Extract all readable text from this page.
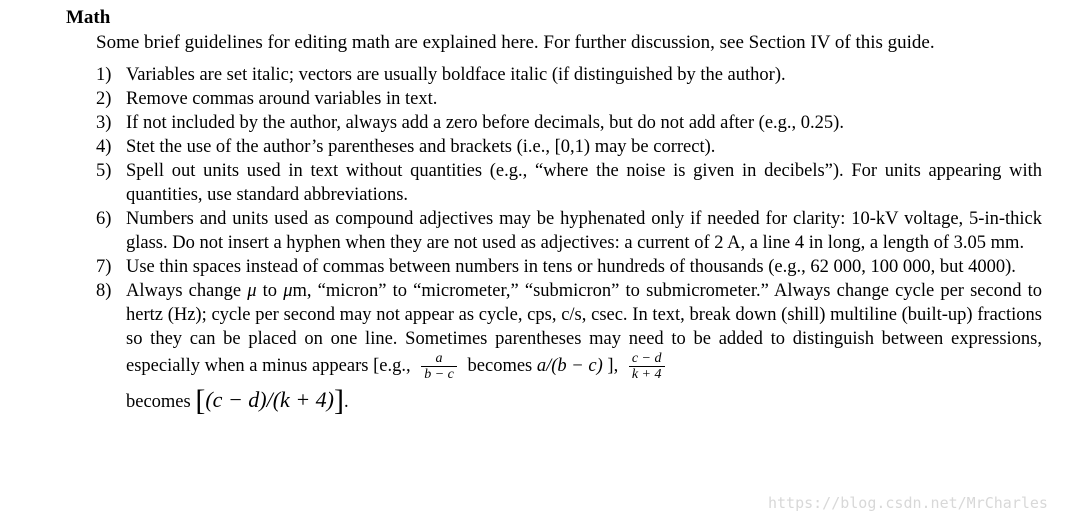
Math
Some brief guidelines for editing math are explained here. For further discussion, see Section IV of this guide.
1) Variables are set italic; vectors are usually boldface italic (if distinguished by the author).
2) Remove commas around variables in text.
3) If not included by the author, always add a zero before decimals, but do not add after (e.g., 0.25).
4) Stet the use of the author’s parentheses and brackets (i.e., [0,1) may be correct).
5) Spell out units used in text without quantities (e.g., “where the noise is given in decibels”). For units appearing with quantities, use standard abbreviations.
6) Numbers and units used as compound adjectives may be hyphenated only if needed for clarity: 10-kV voltage, 5-in-thick glass. Do not insert a hyphen when they are not used as adjectives: a current of 2 A, a line 4 in long, a length of 3.05 mm.
7) Use thin spaces instead of commas between numbers in tens or hundreds of thousands (e.g., 62 000, 100 000, but 4000).
8) Always change μ to μm, “micron” to “micrometer,” “submicron” to submicrometer.” Always change cycle per second to hertz (Hz); cycle per second may not appear as cycle, cps, c/s, csec. In text, break down (shill) multiline (built-up) fractions so they can be placed on one line. Sometimes parentheses may need to be added to distinguish between expressions, especially when a minus appears [e.g., $\frac{a}{b - c}$ becomes a/(b − c) ], $\frac{c - d}{k + 4}$
becomes [(c − d)/(k + 4)].
https://blog.csdn.net/MrCharles
